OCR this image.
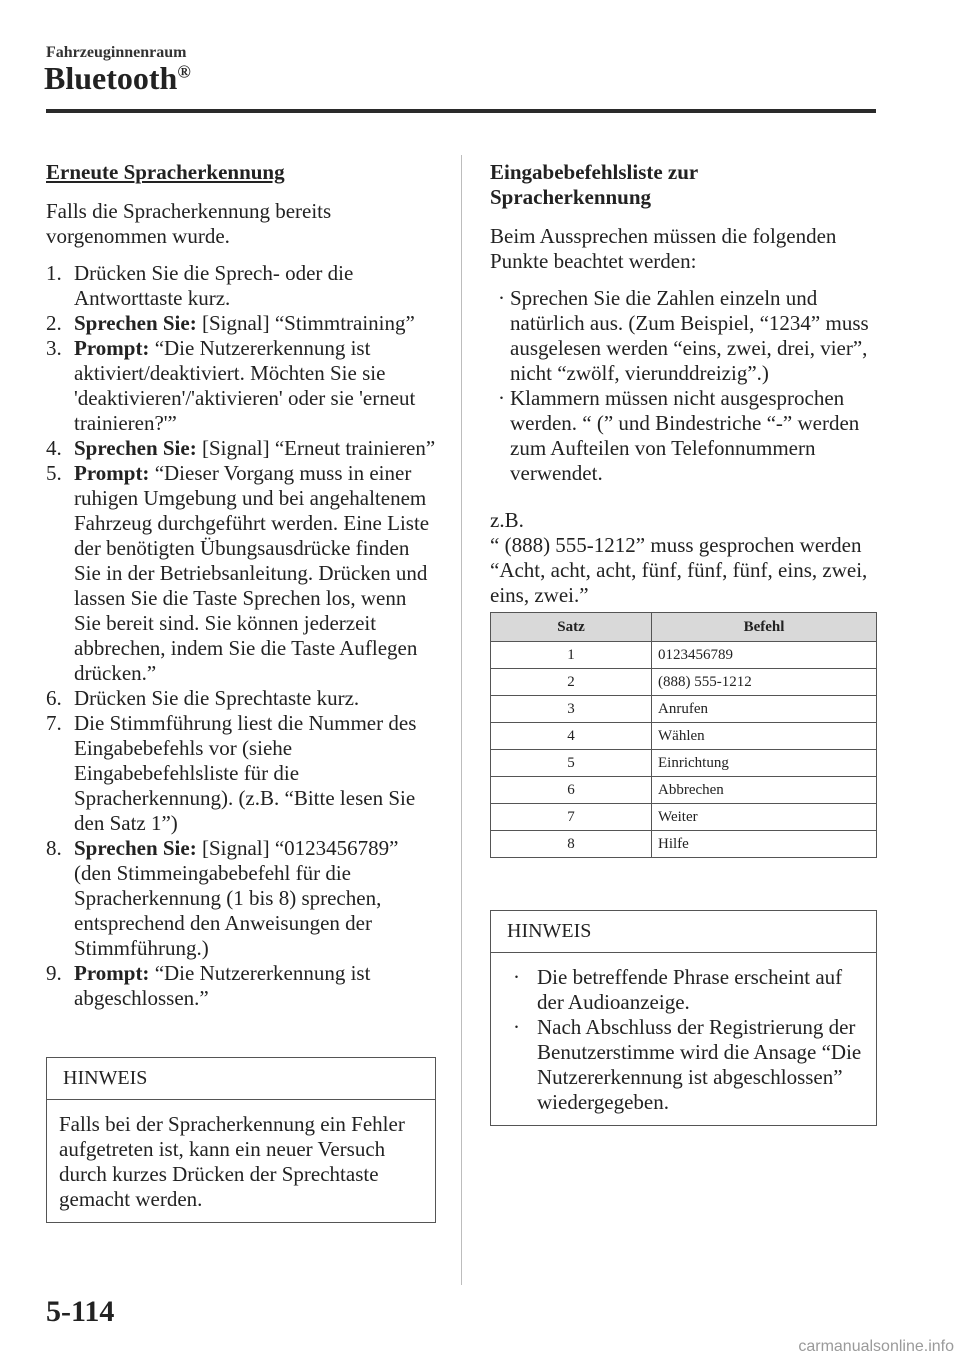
Fahrzeuginnenraum
Bluetooth®
Erneute Spracherkennung
Falls die Spracherkennung bereits vorgenommen wurde.
1. Drücken Sie die Sprech- oder die Antworttaste kurz.
2. Sprechen Sie: [Signal] “Stimmtraining”
3. Prompt: “Die Nutzererkennung ist aktiviert/deaktiviert. Möchten Sie sie 'deaktivieren'/'aktivieren' oder sie 'erneut trainieren?'”
4. Sprechen Sie: [Signal] “Erneut trainieren”
5. Prompt: “Dieser Vorgang muss in einer ruhigen Umgebung und bei angehaltenem Fahrzeug durchgeführt werden. Eine Liste der benötigten Übungsausdrücke finden Sie in der Betriebsanleitung. Drücken und lassen Sie die Taste Sprechen los, wenn Sie bereit sind. Sie können jederzeit abbrechen, indem Sie die Taste Auflegen drücken.”
6. Drücken Sie die Sprechtaste kurz.
7. Die Stimmführung liest die Nummer des Eingabebefehls vor (siehe Eingabebefehlsliste für die Spracherkennung). (z.B. “Bitte lesen Sie den Satz 1”)
8. Sprechen Sie: [Signal] “0123456789” (den Stimmeingabebefehl für die Spracherkennung (1 bis 8) sprechen, entsprechend den Anweisungen der Stimmführung.)
9. Prompt: “Die Nutzererkennung ist abgeschlossen.”
HINWEIS
Falls bei der Spracherkennung ein Fehler aufgetreten ist, kann ein neuer Versuch durch kurzes Drücken der Sprechtaste gemacht werden.
Eingabebefehlsliste zur
Spracherkennung
Beim Aussprechen müssen die folgenden Punkte beachtet werden:
· Sprechen Sie die Zahlen einzeln und natürlich aus. (Zum Beispiel, “1234” muss ausgelesen werden “eins, zwei, drei, vier”, nicht “zwölf, vierunddreizig”.)
· Klammern müssen nicht ausgesprochen werden. “ (” und Bindestriche “-” werden zum Aufteilen von Telefonnummern verwendet.
z.B.
“ (888) 555-1212” muss gesprochen werden “Acht, acht, acht, fünf, fünf, fünf, eins, zwei, eins, zwei.”
Satz	Befehl
1	0123456789
2	(888) 555-1212
3	Anrufen
4	Wählen
5	Einrichtung
6	Abbrechen
7	Weiter
8	Hilfe
HINWEIS
· Die betreffende Phrase erscheint auf der Audioanzeige.
· Nach Abschluss der Registrierung der Benutzerstimme wird die Ansage “Die Nutzererkennung ist abgeschlossen” wiedergegeben.
5-114
carmanualsonline.info
